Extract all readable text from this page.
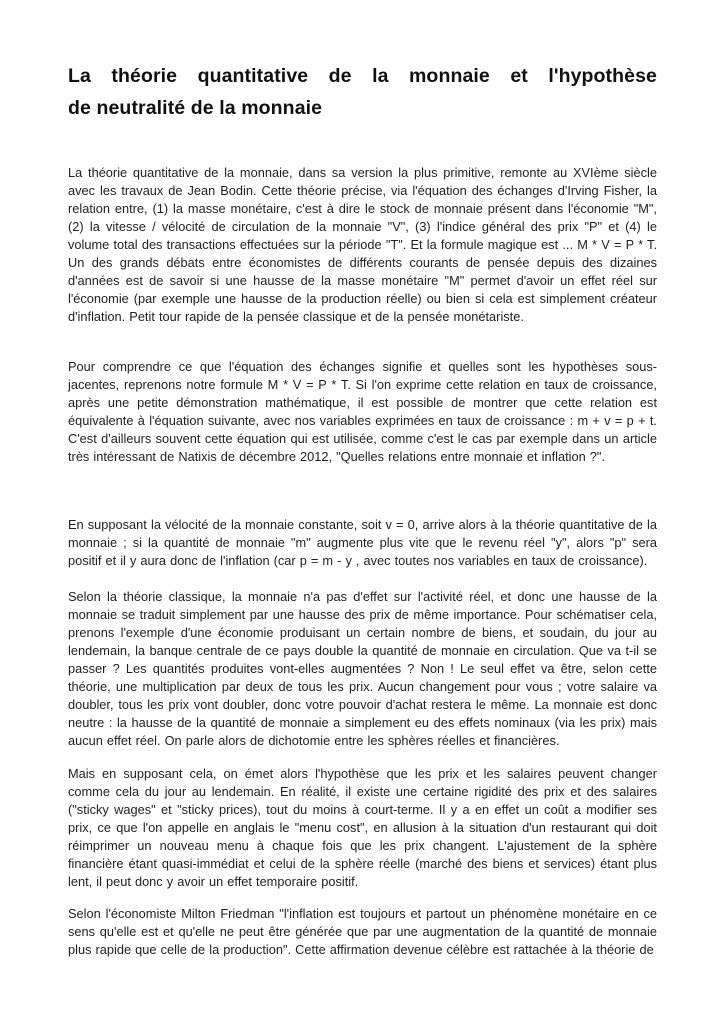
La théorie quantitative de la monnaie et l'hypothèse
de neutralité de la monnaie

La théorie quantitative de la monnaie, dans sa version la plus primitive, remonte au XVIème siècle avec les travaux de Jean Bodin. Cette théorie précise, via l'équation des échanges d'Irving Fisher, la relation entre, (1) la masse monétaire, c'est à dire le stock de monnaie présent dans l'économie "M", (2) la vitesse / vélocité de circulation de la monnaie "V", (3) l'indice général des prix "P" et (4) le volume total des transactions effectuées sur la période "T". Et la formule magique est ... M * V = P * T. Un des grands débats entre économistes de différents courants de pensée depuis des dizaines d'années est de savoir si une hausse de la masse monétaire "M" permet d'avoir un effet réel sur l'économie (par exemple une hausse de la production réelle) ou bien si cela est simplement créateur d'inflation. Petit tour rapide de la pensée classique et de la pensée monétariste.

Pour comprendre ce que l'équation des échanges signifie et quelles sont les hypothèses sous-jacentes, reprenons notre formule M * V = P * T. Si l'on exprime cette relation en taux de croissance, après une petite démonstration mathématique, il est possible de montrer que cette relation est équivalente à l'équation suivante, avec nos variables exprimées en taux de croissance : m + v = p + t. C'est d'ailleurs souvent cette équation qui est utilisée, comme c'est le cas par exemple dans un article très intéressant de Natixis de décembre 2012, "Quelles relations entre monnaie et inflation ?".

En supposant la vélocité de la monnaie constante, soit v = 0, arrive alors à la théorie quantitative de la monnaie ; si la quantité de monnaie "m" augmente plus vite que le revenu réel "y", alors "p" sera positif et il y aura donc de l'inflation (car p = m - y , avec toutes nos variables en taux de croissance).

Selon la théorie classique, la monnaie n'a pas d'effet sur l'activité réel, et donc une hausse de la monnaie se traduit simplement par une hausse des prix de même importance. Pour schématiser cela, prenons l'exemple d'une économie produisant un certain nombre de biens, et soudain, du jour au lendemain, la banque centrale de ce pays double la quantité de monnaie en circulation. Que va t-il se passer ? Les quantités produites vont-elles augmentées ? Non ! Le seul effet va être, selon cette théorie, une multiplication par deux de tous les prix. Aucun changement pour vous ; votre salaire va doubler, tous les prix vont doubler, donc votre pouvoir d'achat restera le même. La monnaie est donc neutre : la hausse de la quantité de monnaie a simplement eu des effets nominaux (via les prix) mais aucun effet réel. On parle alors de dichotomie entre les sphères réelles et financières.

Mais en supposant cela, on émet alors l'hypothèse que les prix et les salaires peuvent changer comme cela du jour au lendemain. En réalité, il existe une certaine rigidité des prix et des salaires ("sticky wages" et "sticky prices), tout du moins à court-terme. Il y a en effet un coût a modifier ses prix, ce que l'on appelle en anglais le "menu cost", en allusion à la situation d'un restaurant qui doit réimprimer un nouveau menu à chaque fois que les prix changent. L'ajustement de la sphère financière étant quasi-immédiat et celui de la sphère réelle (marché des biens et services) étant plus lent, il peut donc y avoir un effet temporaire positif.

Selon l'économiste Milton Friedman "l'inflation est toujours et partout un phénomène monétaire en ce sens qu'elle est et qu'elle ne peut être générée que par une augmentation de la quantité de monnaie plus rapide que celle de la production". Cette affirmation devenue célèbre est rattachée à la théorie de
